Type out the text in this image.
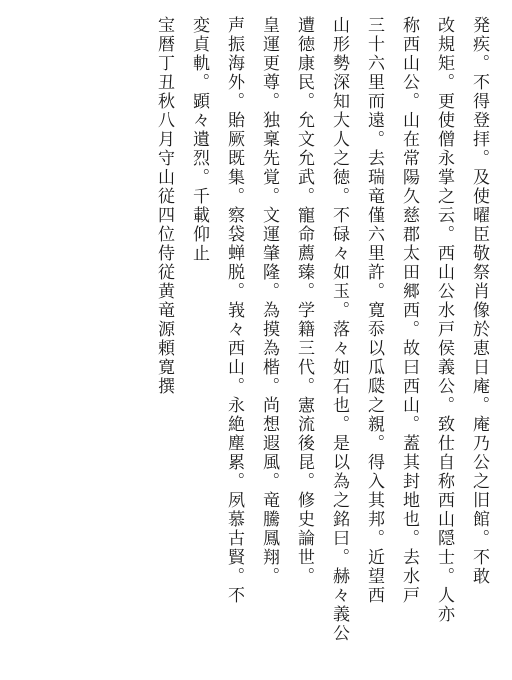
発疾。不得登拝。及使曜臣敬祭肖像於恵日庵。庵乃公之旧館。不敢
改規矩。更使僧永掌之云。西山公水戸侯義公。致仕自称西山隠士。人亦
称西山公。山在常陽久慈郡太田郷西。故曰西山。蓋其封地也。去水戸
三十六里而遠。去瑞竜僅六里許。寛忝以瓜瓞之親。得入其邦。近望西
山形勢深知大人之徳。不碌々如玉。落々如石也。是以為之銘曰。赫々義公
遭徳康民。允文允武。寵命薦臻。学籍三代。憲流後昆。修史論世。
皇運更尊。独稟先覚。文運肇隆。為摸為楷。尚想遐風。竜騰鳳翔。
声振海外。貽厥既集。察袋蝉脱。峩々西山。永絶塵累。夙慕古賢。不
変貞軌。顕々遺烈。千載仰止
宝暦丁丑秋八月守山従四位侍従黄竜源頼寛撰
